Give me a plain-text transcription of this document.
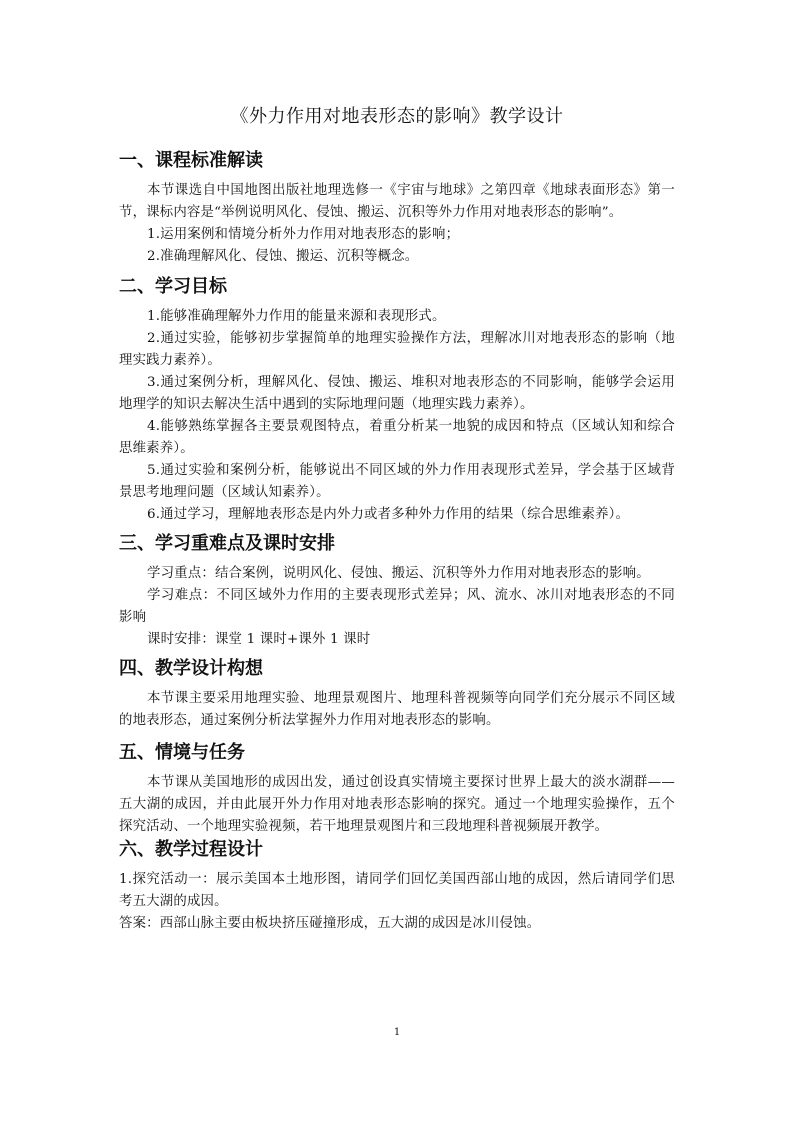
《外力作用对地表形态的影响》教学设计
一、课程标准解读

本节课选自中国地图出版社地理选修一《宇宙与地球》之第四章《地球表面形态》第一节，课标内容是“举例说明风化、侵蚀、搬运、沉积等外力作用对地表形态的影响”。

1.运用案例和情境分析外力作用对地表形态的影响；

2.准确理解风化、侵蚀、搬运、沉积等概念。

二、学习目标

1.能够准确理解外力作用的能量来源和表现形式。

2.通过实验，能够初步掌握简单的地理实验操作方法，理解冰川对地表形态的影响（地理实践力素养）。

3.通过案例分析，理解风化、侵蚀、搬运、堆积对地表形态的不同影响，能够学会运用地理学的知识去解决生活中遇到的实际地理问题（地理实践力素养）。

4.能够熟练掌握各主要景观图特点，着重分析某一地貌的成因和特点（区域认知和综合思维素养）。

5.通过实验和案例分析，能够说出不同区域的外力作用表现形式差异，学会基于区域背景思考地理问题（区域认知素养）。

6.通过学习，理解地表形态是内外力或者多种外力作用的结果（综合思维素养）。

三、学习重难点及课时安排

学习重点：结合案例，说明风化、侵蚀、搬运、沉积等外力作用对地表形态的影响。

学习难点：不同区域外力作用的主要表现形式差异；风、流水、冰川对地表形态的不同影响

课时安排：课堂 1 课时+课外 1 课时

四、教学设计构想

本节课主要采用地理实验、地理景观图片、地理科普视频等向同学们充分展示不同区域的地表形态，通过案例分析法掌握外力作用对地表形态的影响。

五、情境与任务

本节课从美国地形的成因出发，通过创设真实情境主要探讨世界上最大的淡水湖群——五大湖的成因，并由此展开外力作用对地表形态影响的探究。通过一个地理实验操作，五个探究活动、一个地理实验视频，若干地理景观图片和三段地理科普视频展开教学。

六、教学过程设计

1.探究活动一：展示美国本土地形图，请同学们回忆美国西部山地的成因，然后请同学们思考五大湖的成因。

答案：西部山脉主要由板块挤压碰撞形成，五大湖的成因是冰川侵蚀。

1
